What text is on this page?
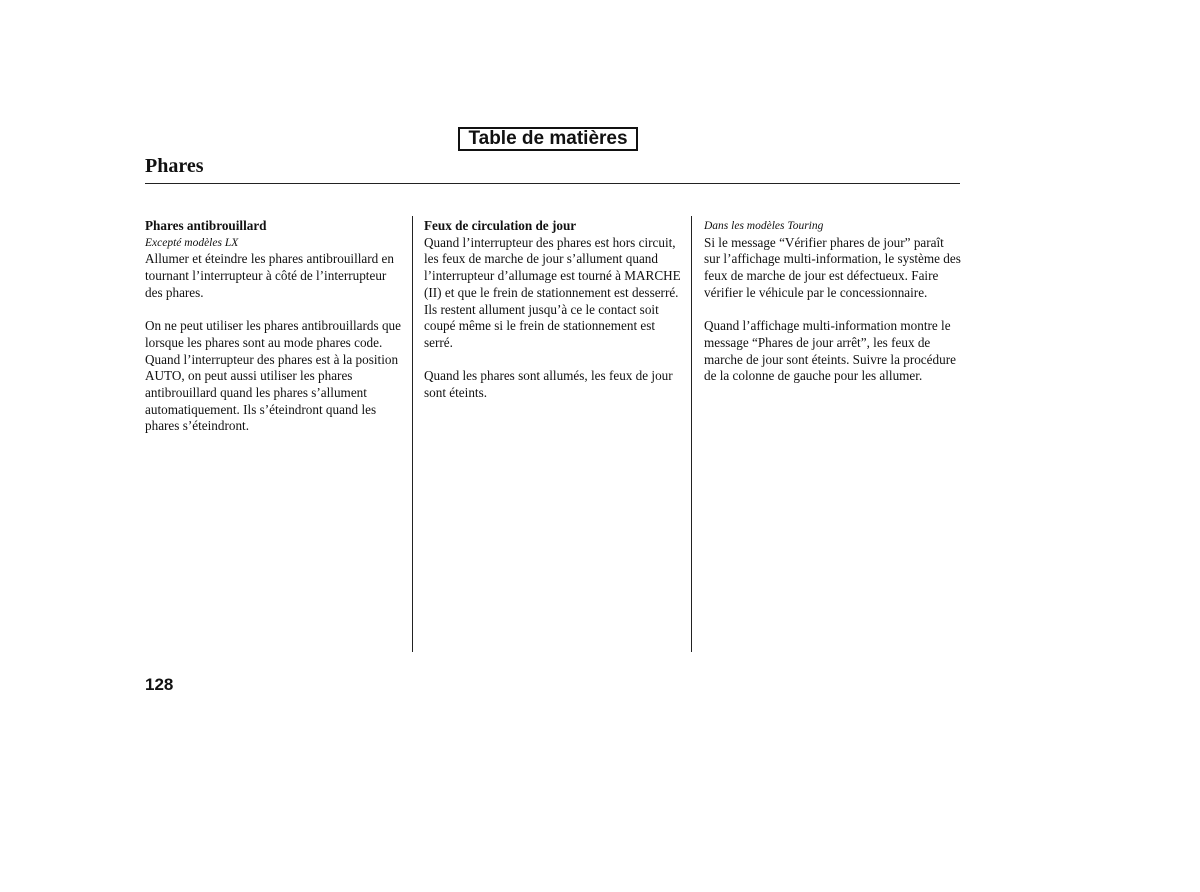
Table de matières
Phares

Phares antibrouillard

Excepté modèles LX

Allumer et éteindre les phares antibrouillard en tournant l’interrupteur à côté de l’interrupteur des phares.

On ne peut utiliser les phares antibrouillards que lorsque les phares sont au mode phares code.

Quand l’interrupteur des phares est à la position AUTO, on peut aussi utiliser les phares antibrouillard quand les phares s’allument automatiquement. Ils s’éteindront quand les phares s’éteindront.

Feux de circulation de jour

Quand l’interrupteur des phares est hors circuit, les feux de marche de jour s’allument quand l’interrupteur d’allumage est tourné à MARCHE (II) et que le frein de stationnement est desserré. Ils restent allument jusqu’à ce le contact soit coupé même si le frein de stationnement est serré.

Quand les phares sont allumés, les feux de jour sont éteints.

Dans les modèles Touring

Si le message “Vérifier phares de jour” paraît sur l’affichage multi-information, le système des feux de marche de jour est défectueux. Faire vérifier le véhicule par le concessionnaire.

Quand l’affichage multi-information montre le message “Phares de jour arrêt”, les feux de marche de jour sont éteints. Suivre la procédure de la colonne de gauche pour les allumer.

128
